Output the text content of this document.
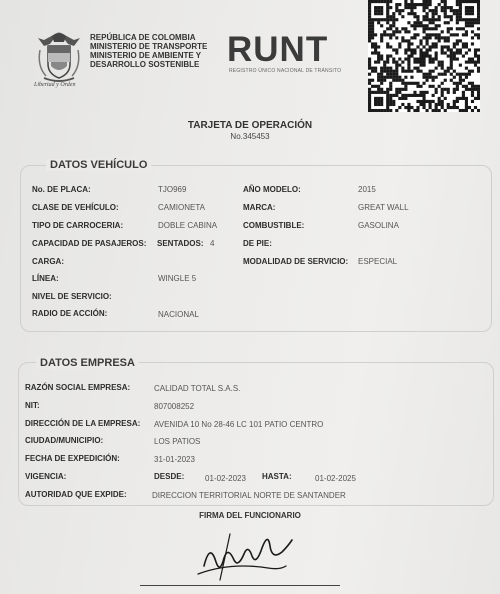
Libertad y Orden
REPÚBLICA DE COLOMBIA
MINISTERIO DE TRANSPORTE
MINISTERIO DE AMBIENTE Y
DESARROLLO SOSTENIBLE RUNT
REGISTRO ÚNICO NACIONAL DE TRÁNSITO
TARJETA DE OPERACIÓN
No.345453
DATOS VEHÍCULO
No. DE PLACA:	TJO969	AÑO MODELO:	2015
CLASE DE VEHÍCULO:	CAMIONETA	MARCA:	GREAT WALL
TIPO DE CARROCERIA:	DOBLE CABINA	COMBUSTIBLE:	GASOLINA
CAPACIDAD DE PASAJEROS: SENTADOS: 4	DE PIE:
CARGA:	MODALIDAD DE SERVICIO: ESPECIAL
LÍNEA:	WINGLE 5
NIVEL DE SERVICIO:
RADIO DE ACCIÓN:	NACIONAL
DATOS EMPRESA
RAZÓN SOCIAL EMPRESA:	CALIDAD TOTAL S.A.S.
NIT:	807008252
DIRECCIÓN DE LA EMPRESA: AVENIDA 10 No 28-46 LC 101 PATIO CENTRO
CIUDAD/MUNICIPIO:	LOS PATIOS
FECHA DE EXPEDICIÓN:	31-01-2023
VIGENCIA:	DESDE:	01-02-2023 HASTA:	01-02-2025
AUTORIDAD QUE EXPIDE:	DIRECCION TERRITORIAL NORTE DE SANTANDER
FIRMA DEL FUNCIONARIO
